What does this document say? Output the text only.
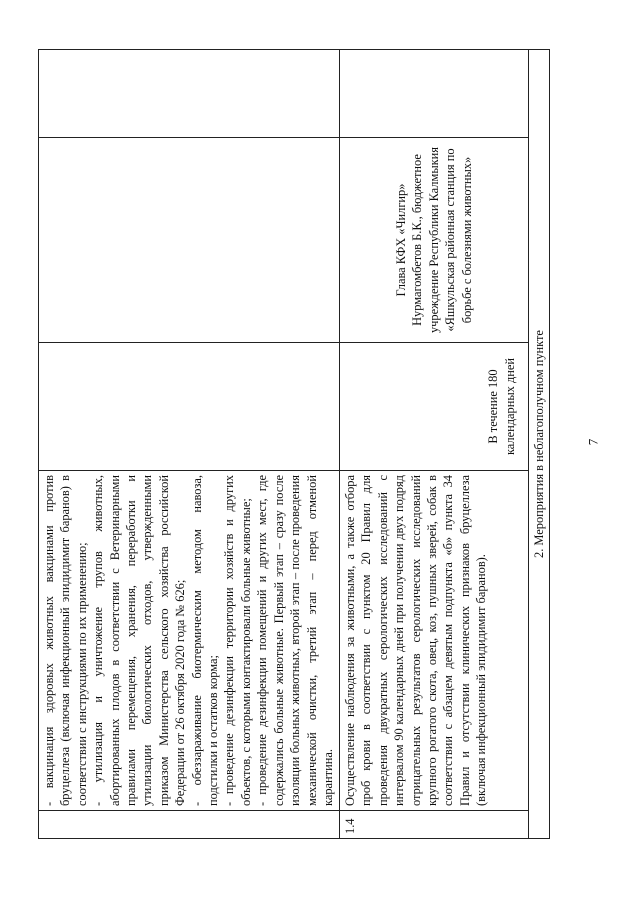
	- вакцинация здоровых животных вакцинами против бруцеллеза (включая инфекционный эпидидимит баранов) в соответствии с инструкциями по их применению; - утилизация и уничтожение трупов животных, абортированных плодов в соответствии с Ветеринарными правилами перемещения, хранения, переработки и утилизации биологических отходов, утвержденными приказом Министерства сельского хозяйства российской Федерации от 26 октября 2020 года № 626; - обеззараживание биотермическим методом навоза, подстилки и остатков корма; - проведение дезинфекции территории хозяйств и других объектов, с которыми контактировали больные животные; - проведение дезинфекции помещений и других мест, где содержались больные животные. Первый этап – сразу после изоляции больных животных, второй этап – после проведения механической очистки, третий этап – перед отменой карантина.			

1.4	Осуществление наблюдения за животными, а также отбора проб крови в соответствии с пунктом 20 Правил для проведения двукратных серологических исследований с интервалом 90 календарных дней при получении двух подряд отрицательных результатов серологических исследований крупного рогатого скота, овец, коз, пушных зверей, собак в соответствии с абзацем девятым подпункта «б» пункта 34 Правил и отсутствии клинических признаков бруцеллеза (включая инфекционный эпидидимит баранов).	В течение 180 календарных дней	Глава КФХ «Чилгир» Нурмагомбетов Б.К., бюджетное учреждение Республики Калмыкия «Яшкульская районная станция по борьбе с болезнями животных»	
2. Мероприятия в неблагополучном пункте					7
